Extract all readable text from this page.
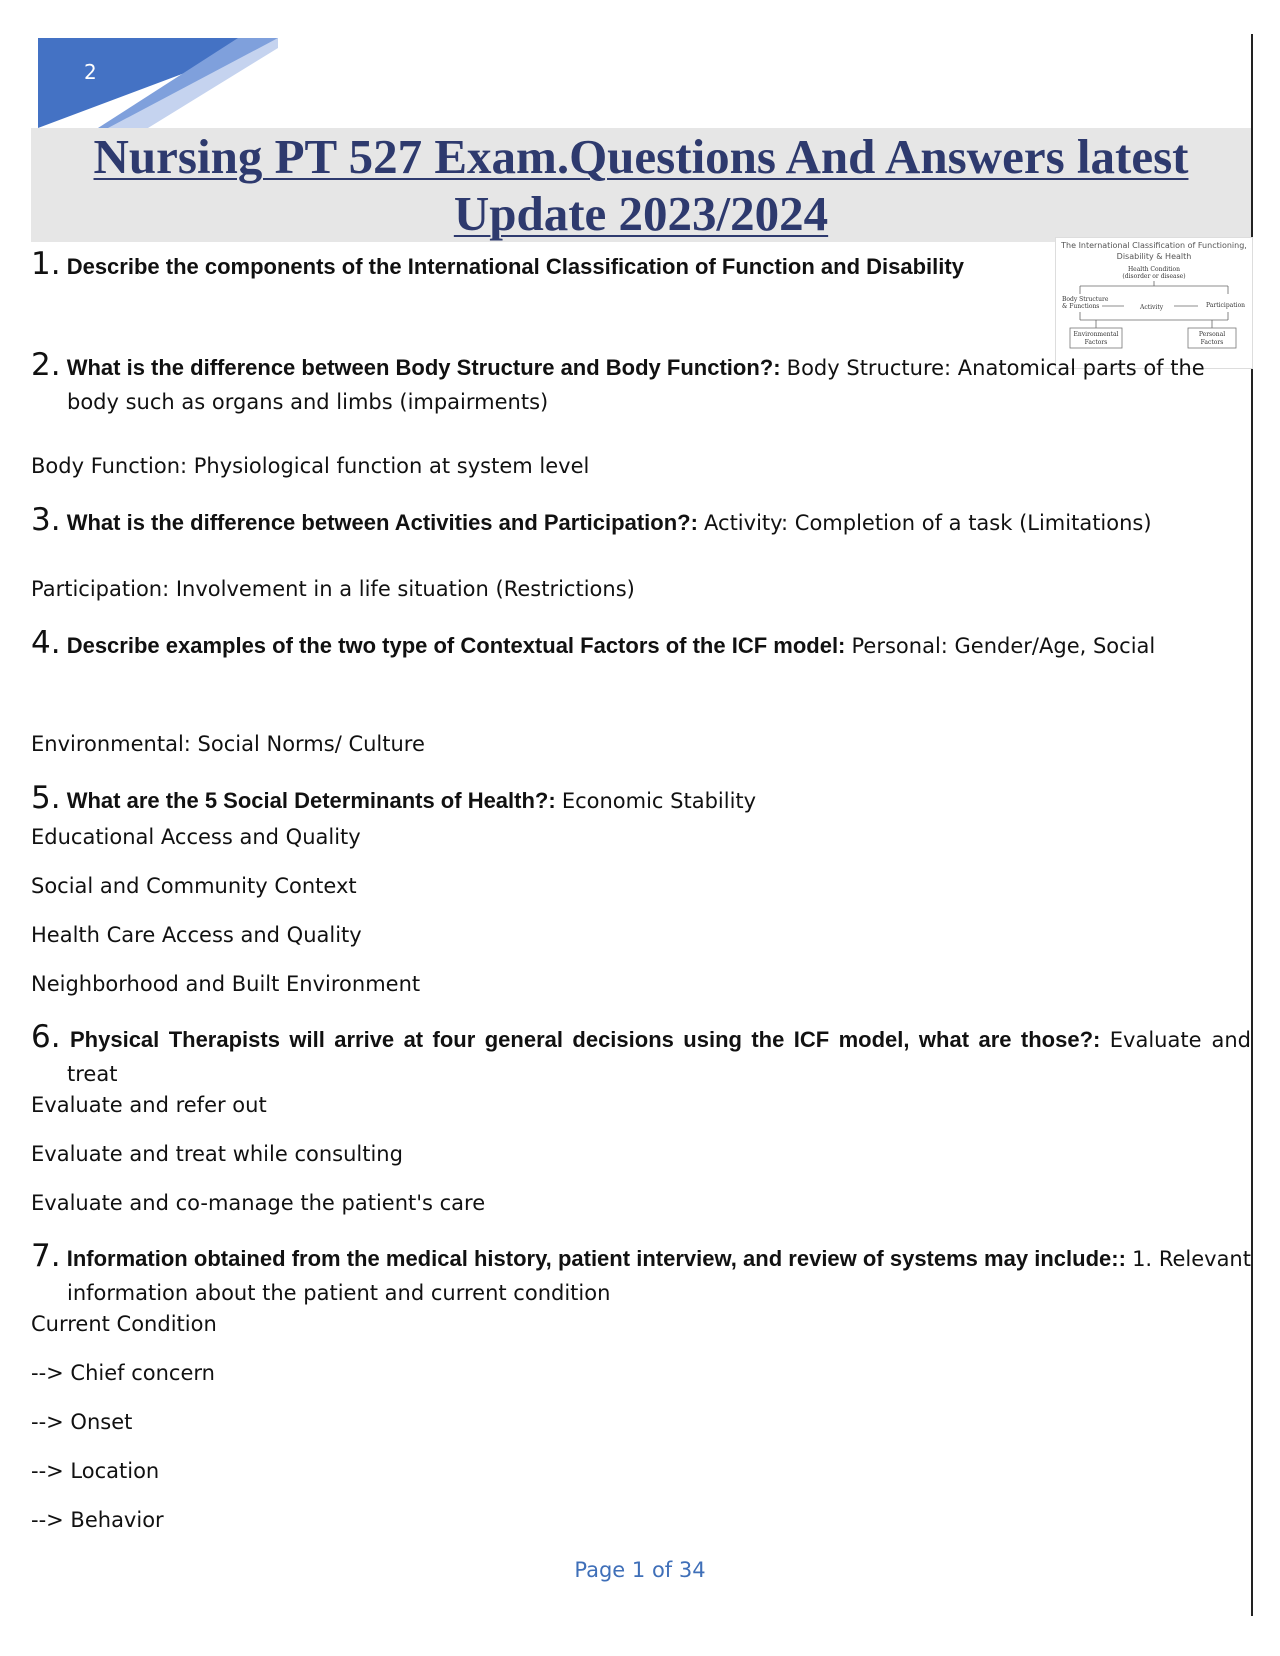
2
Nursing PT 527 Exam.Questions And Answers latest Update 2023/2024
The International Classification of Functioning,
Disability & Health
Health Condition
(disorder or disease)
Body Structure
& Functions	Activity	Participation
Environmental
Factors
Personal
Factors
1. Describe the components of the International Classification of Function and Disability
2. What is the difference between Body Structure and Body Function?: Body Structure: Anatomical parts of the body such as organs and limbs (impairments)
Body Function: Physiological function at system level
3. What is the difference between Activities and Participation?: Activity: Completion of a task (Limitations)
Participation: Involvement in a life situation (Restrictions)
4. Describe examples of the two type of Contextual Factors of the ICF model: Personal: Gender/Age, Social
Environmental: Social Norms/ Culture
5. What are the 5 Social Determinants of Health?: Economic Stability
Educational Access and Quality
Social and Community Context
Health Care Access and Quality
Neighborhood and Built Environment
6. Physical Therapists will arrive at four general decisions using the ICF model, what are those?: Evaluate and treat
Evaluate and refer out
Evaluate and treat while consulting
Evaluate and co-manage the patient's care
7. Information obtained from the medical history, patient interview, and review of systems may include:: 1. Relevant information about the patient and current condition
Current Condition
--> Chief concern
--> Onset
--> Location
--> Behavior
Page 1 of 34
